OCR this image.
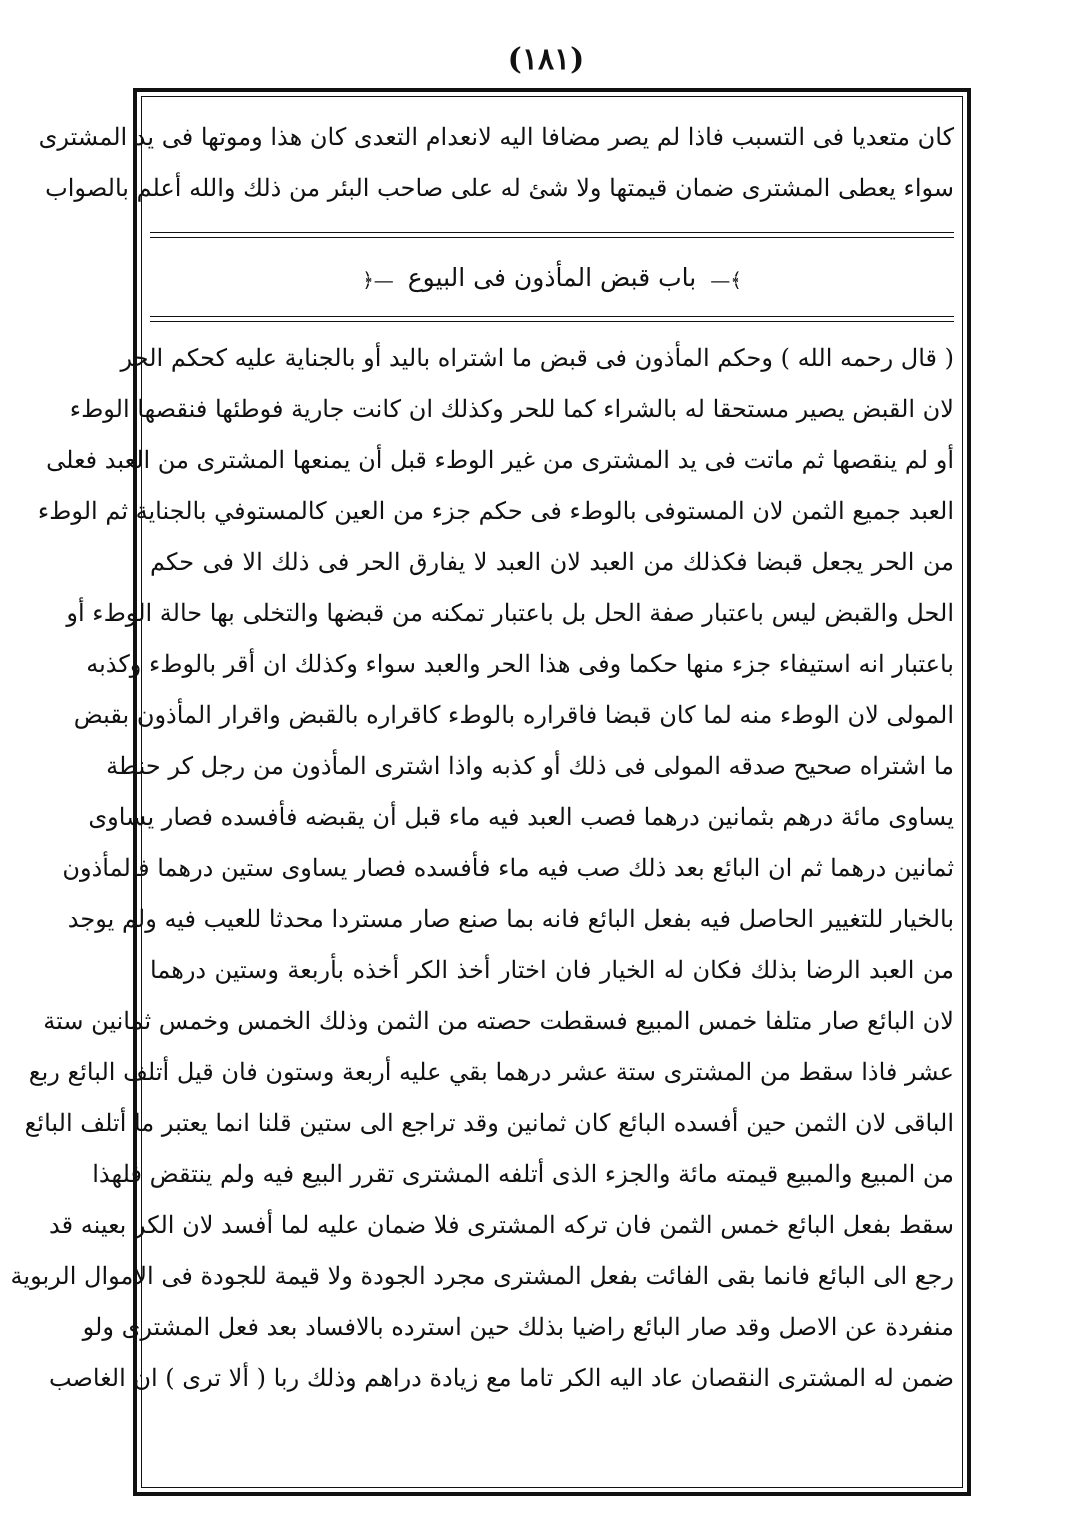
(١٨١)
كان متعديا فى التسبب فاذا لم يصر مضافا اليه لانعدام التعدى كان هذا وموتها فى يد المشترى
سواء يعطى المشترى ضمان قيمتها ولا شئ له على صاحب البئر من ذلك والله أعلم بالصواب
﴾— باب قبض المأذون فى البيوع —﴿
( قال رحمه الله ) وحكم المأذون فى قبض ما اشتراه باليد أو بالجناية عليه كحكم الحر
لان القبض يصير مستحقا له بالشراء كما للحر وكذلك ان كانت جارية فوطئها فنقصها الوطء
أو لم ينقصها ثم ماتت فى يد المشترى من غير الوطء قبل أن يمنعها المشترى من العبد فعلى
العبد جميع الثمن لان المستوفى بالوطء فى حكم جزء من العين كالمستوفي بالجناية ثم الوطء
من الحر يجعل قبضا فكذلك من العبد لان العبد لا يفارق الحر فى ذلك الا فى حكم
الحل والقبض ليس باعتبار صفة الحل بل باعتبار تمكنه من قبضها والتخلى بها حالة الوطء أو
باعتبار انه استيفاء جزء منها حكما وفى هذا الحر والعبد سواء وكذلك ان أقر بالوطء وكذبه
المولى لان الوطء منه لما كان قبضا فاقراره بالوطء كاقراره بالقبض واقرار المأذون بقبض
ما اشتراه صحيح صدقه المولى فى ذلك أو كذبه واذا اشترى المأذون من رجل كر حنطة
يساوى مائة درهم بثمانين درهما فصب العبد فيه ماء قبل أن يقبضه فأفسده فصار يساوى
ثمانين درهما ثم ان البائع بعد ذلك صب فيه ماء فأفسده فصار يساوى ستين درهما فالمأذون
بالخيار للتغيير الحاصل فيه بفعل البائع فانه بما صنع صار مستردا محدثا للعيب فيه ولم يوجد
من العبد الرضا بذلك فكان له الخيار فان اختار أخذ الكر أخذه بأربعة وستين درهما
لان البائع صار متلفا خمس المبيع فسقطت حصته من الثمن وذلك الخمس وخمس ثمانين ستة
عشر فاذا سقط من المشترى ستة عشر درهما بقي عليه أربعة وستون فان قيل أتلف البائع ربع
الباقى لان الثمن حين أفسده البائع كان ثمانين وقد تراجع الى ستين قلنا انما يعتبر ما أتلف البائع
من المبيع والمبيع قيمته مائة والجزء الذى أتلفه المشترى تقرر البيع فيه ولم ينتقض فلهذا
سقط بفعل البائع خمس الثمن فان تركه المشترى فلا ضمان عليه لما أفسد لان الكر بعينه قد
رجع الى البائع فانما بقى الفائت بفعل المشترى مجرد الجودة ولا قيمة للجودة فى الاموال الربوية
منفردة عن الاصل وقد صار البائع راضيا بذلك حين استرده بالافساد بعد فعل المشترى ولو
ضمن له المشترى النقصان عاد اليه الكر تاما مع زيادة دراهم وذلك ربا ( ألا ترى ) ان الغاصب
